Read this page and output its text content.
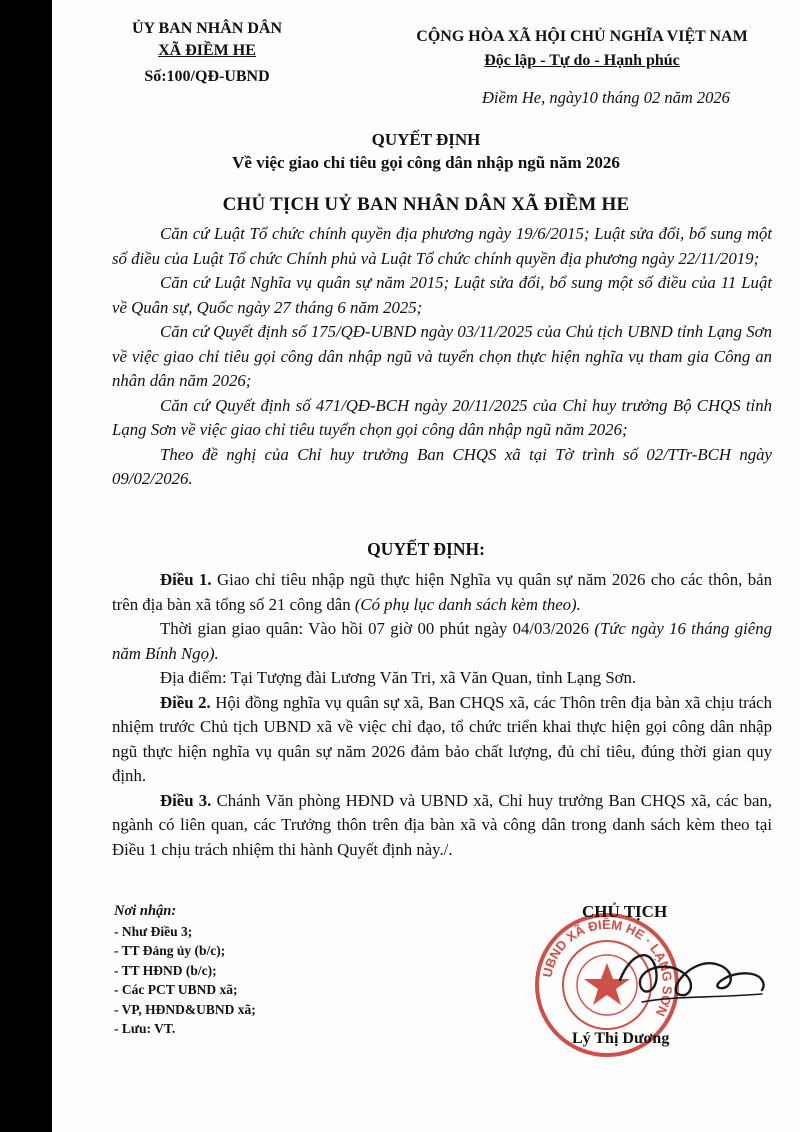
ỦY BAN NHÂN DÂN
XÃ ĐIỀM HE
Số:100/QĐ-UBND
CỘNG HÒA XÃ HỘI CHỦ NGHĨA VIỆT NAM
Độc lập - Tự do - Hạnh phúc
Điềm He, ngày10 tháng 02 năm 2026
QUYẾT ĐỊNH
Về việc giao chỉ tiêu gọi công dân nhập ngũ năm 2026
CHỦ TỊCH UỶ BAN NHÂN DÂN XÃ ĐIỀM HE

Căn cứ Luật Tổ chức chính quyền địa phương ngày 19/6/2015; Luật sửa đổi, bổ sung một số điều của Luật Tổ chức Chính phủ và Luật Tổ chức chính quyền địa phương ngày 22/11/2019;

Căn cứ Luật Nghĩa vụ quân sự năm 2015; Luật sửa đổi, bổ sung một số điều của 11 Luật về Quân sự, Quốc ngày 27 tháng 6 năm 2025;

Căn cứ Quyết định số 175/QĐ-UBND ngày 03/11/2025 của Chủ tịch UBND tỉnh Lạng Sơn về việc giao chỉ tiêu gọi công dân nhập ngũ và tuyển chọn thực hiện nghĩa vụ tham gia Công an nhân dân năm 2026;

Căn cứ Quyết định số 471/QĐ-BCH ngày 20/11/2025 của Chỉ huy trưởng Bộ CHQS tỉnh Lạng Sơn về việc giao chỉ tiêu tuyển chọn gọi công dân nhập ngũ năm 2026;

Theo đề nghị của Chỉ huy trưởng Ban CHQS xã tại Tờ trình số 02/TTr-BCH ngày 09/02/2026.

QUYẾT ĐỊNH:

Điều 1. Giao chỉ tiêu nhập ngũ thực hiện Nghĩa vụ quân sự năm 2026 cho các thôn, bản trên địa bàn xã tổng số 21 công dân (Có phụ lục danh sách kèm theo).

Thời gian giao quân: Vào hồi 07 giờ 00 phút ngày 04/03/2026 (Tức ngày 16 tháng giêng năm Bính Ngọ).

Địa điểm: Tại Tượng đài Lương Văn Tri, xã Văn Quan, tỉnh Lạng Sơn.

Điều 2. Hội đồng nghĩa vụ quân sự xã, Ban CHQS xã, các Thôn trên địa bàn xã chịu trách nhiệm trước Chủ tịch UBND xã về việc chỉ đạo, tổ chức triển khai thực hiện gọi công dân nhập ngũ thực hiện nghĩa vụ quân sự năm 2026 đảm bảo chất lượng, đủ chỉ tiêu, đúng thời gian quy định.

Điều 3. Chánh Văn phòng HĐND và UBND xã, Chỉ huy trưởng Ban CHQS xã, các ban, ngành có liên quan, các Trưởng thôn trên địa bàn xã và công dân trong danh sách kèm theo tại Điều 1 chịu trách nhiệm thi hành Quyết định này./.

Nơi nhận:
- Như Điều 3;
- TT Đảng ủy (b/c);
- TT HĐND (b/c);
- Các PCT UBND xã;
- VP, HĐND&UBND xã;
- Lưu: VT.
UBND XÃ ĐIỀM HE · LẠNG SƠN
CHỦ TỊCH
Lý Thị Dương
